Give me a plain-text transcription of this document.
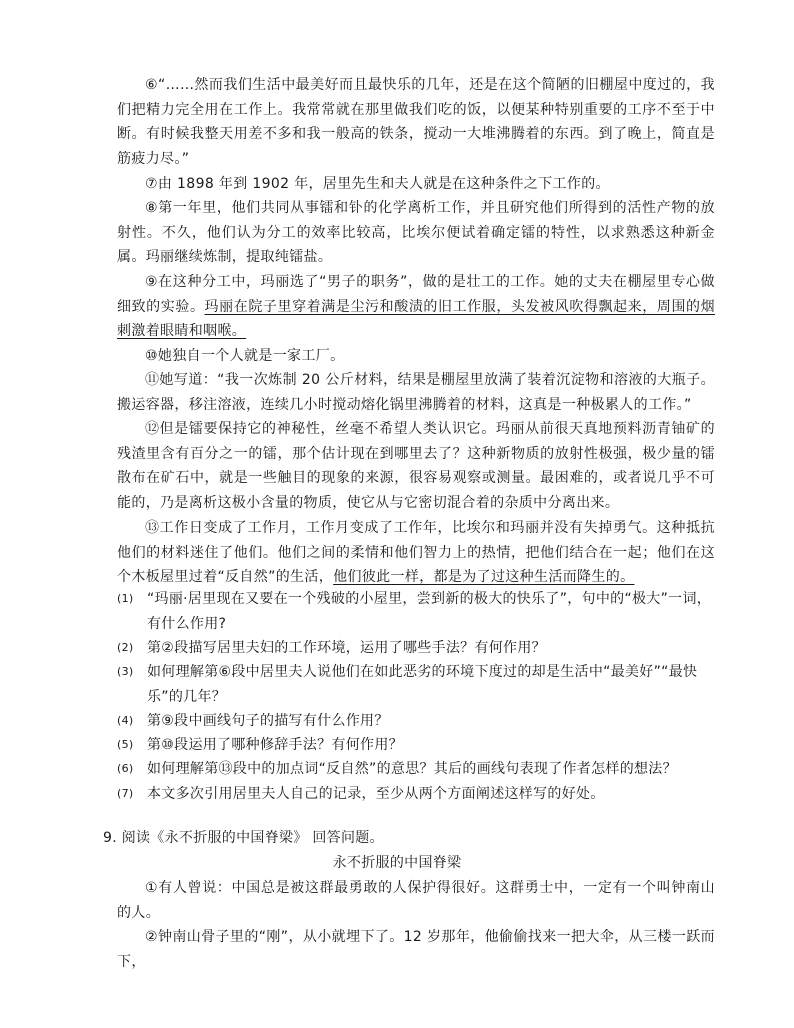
⑥“……然而我们生活中最美好而且最快乐的几年，还是在这个简陋的旧棚屋中度过的，我们把精力完全用在工作上。我常常就在那里做我们吃的饭，以便某种特别重要的工序不至于中断。有时候我整天用差不多和我一般高的铁条，搅动一大堆沸腾着的东西。到了晚上，简直是筋疲力尽。”

⑦由 1898 年到 1902 年，居里先生和夫人就是在这种条件之下工作的。

⑧第一年里，他们共同从事镭和钋的化学离析工作，并且研究他们所得到的活性产物的放射性。不久，他们认为分工的效率比较高，比埃尔便试着确定镭的特性，以求熟悉这种新金属。玛丽继续炼制，提取纯镭盐。

⑨在这种分工中，玛丽选了“男子的职务”，做的是壮工的工作。她的丈夫在棚屋里专心做细致的实验。玛丽在院子里穿着满是尘污和酸渍的旧工作服，头发被风吹得飘起来，周围的烟刺激着眼睛和咽喉。

⑩她独自一个人就是一家工厂。

⑪她写道：“我一次炼制 20 公斤材料，结果是棚屋里放满了装着沉淀物和溶液的大瓶子。搬运容器，移注溶液，连续几小时搅动熔化锅里沸腾着的材料，这真是一种极累人的工作。”

⑫但是镭要保持它的神秘性，丝毫不希望人类认识它。玛丽从前很天真地预料沥青铀矿的残渣里含有百分之一的镭，那个估计现在到哪里去了？这种新物质的放射性极强，极少量的镭散布在矿石中，就是一些触目的现象的来源，很容易观察或测量。最困难的，或者说几乎不可能的，乃是离析这极小含量的物质，使它从与它密切混合着的杂质中分离出来。

⑬工作日变成了工作月，工作月变成了工作年，比埃尔和玛丽并没有失掉勇气。这种抵抗他们的材料迷住了他们。他们之间的柔情和他们智力上的热情，把他们结合在一起；他们在这个木板屋里过着“反自然”的生活，他们彼此一样，都是为了过这种生活而降生的。

(1) “玛丽·居里现在又要在一个残破的小屋里，尝到新的极大的快乐了”，句中的“极大”一词，有什么作用?
(2) 第②段描写居里夫妇的工作环境，运用了哪些手法？有何作用？
(3) 如何理解第⑥段中居里夫人说他们在如此恶劣的环境下度过的却是生活中“最美好”“最快乐”的几年？
(4) 第⑨段中画线句子的描写有什么作用？
(5) 第⑩段运用了哪种修辞手法？有何作用？
(6) 如何理解第⑬段中的加点词“反自然”的意思？其后的画线句表现了作者怎样的想法？
(7) 本文多次引用居里夫人自己的记录，至少从两个方面阐述这样写的好处。
9. 阅读《永不折服的中国脊梁》 回答问题。
永不折服的中国脊梁

①有人曾说：中国总是被这群最勇敢的人保护得很好。这群勇士中，一定有一个叫钟南山的人。

②钟南山骨子里的“刚”，从小就埋下了。12 岁那年，他偷偷找来一把大伞，从三楼一跃而下，
